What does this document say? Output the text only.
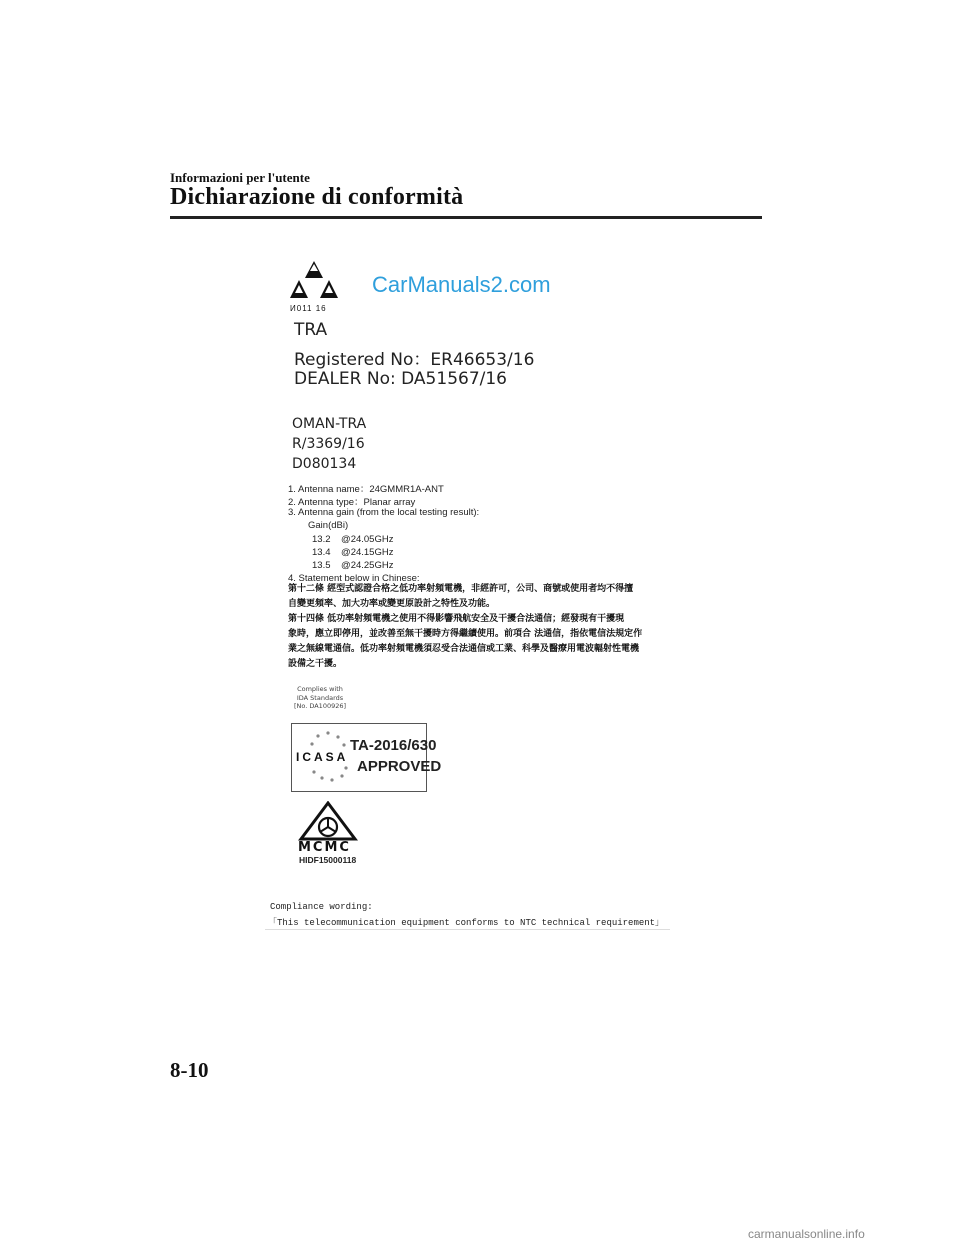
Informazioni per l'utente
Dichiarazione di conformità
И011 16
CarManuals2.com
TRA
Registered No：ER46653/16
DEALER No: DA51567/16
OMAN-TRA
R/3369/16
D080134
1. Antenna name：24GMMR1A-ANT
2. Antenna type：Planar array
3. Antenna gain (from the local testing result):
Gain(dBi)
13.2    @24.05GHz
13.4    @24.15GHz
13.5    @24.25GHz
4. Statement below in Chinese:
第十二條 經型式認證合格之低功率射頻電機，非經許可，公司、商號或使用者均不得擅
自變更頻率、加大功率或變更原設計之特性及功能。
第十四條 低功率射頻電機之使用不得影響飛航安全及干擾合法通信；經發現有干擾現
象時，應立即停用，並改善至無干擾時方得繼續使用。前項合 法通信，指依電信法規定作
業之無線電通信。低功率射頻電機須忍受合法通信或工業、科學及醫療用電波輻射性電機
設備之干擾。
Complies with
IDA Standards
[No. DA100926]
ICASA
TA-2016/630
APPROVED
MCMC
HIDF15000118
Compliance wording:
「This telecommunication equipment conforms to NTC technical requirement」
8-10
carmanualsonline.info
